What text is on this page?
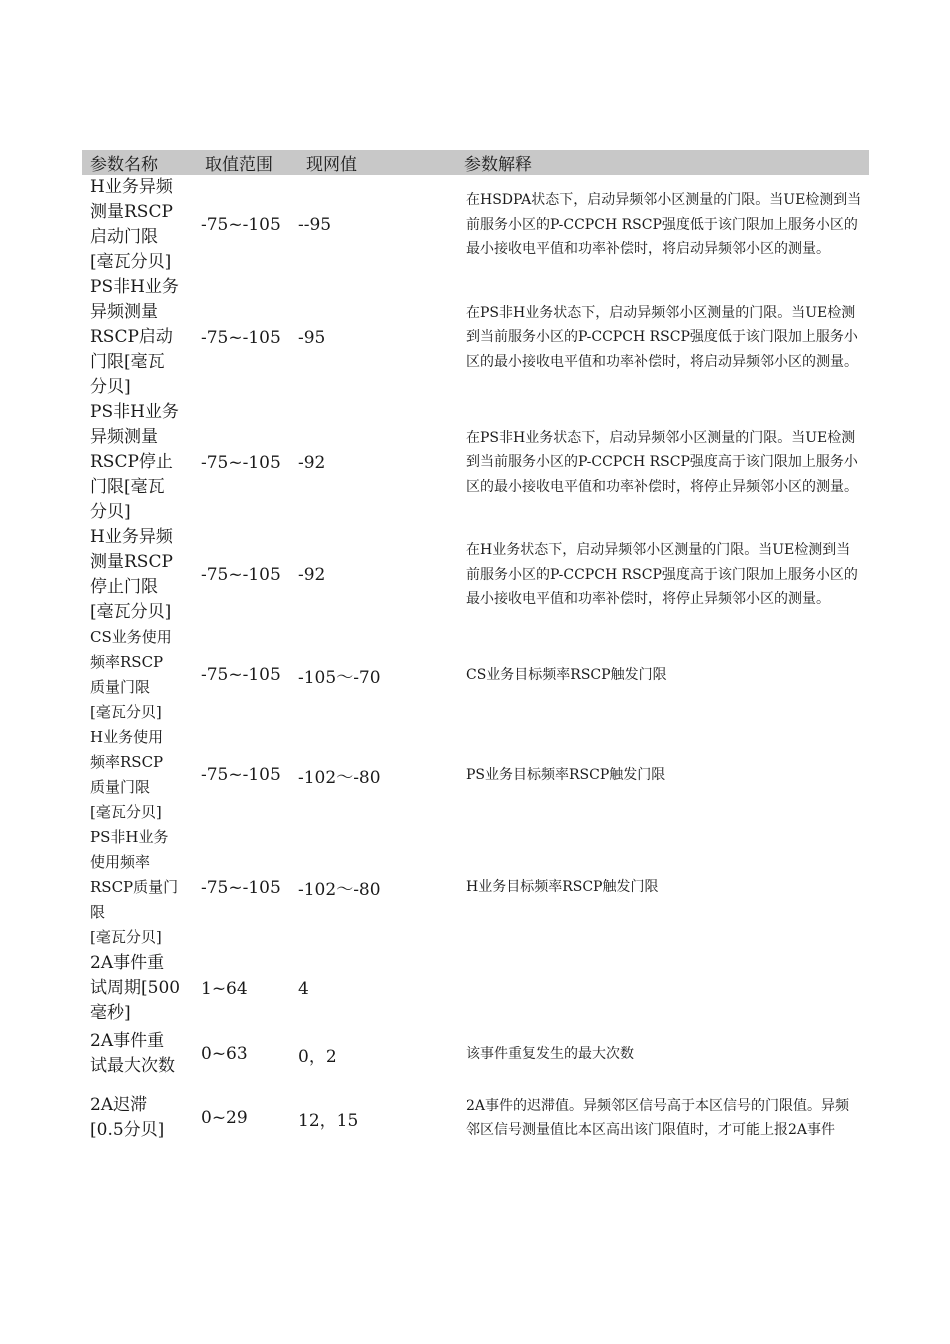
参数名称	取值范围	现网值	参数解释
H业务异频
测量RSCP
启动门限
[毫瓦分贝]	-75~-105	--95	在HSDPA状态下，启动异频邻小区测量的门限。当UE检测到当前服务小区的P-CCPCH RSCP强度低于该门限加上服务小区的最小接收电平值和功率补偿时，将启动异频邻小区的测量。
PS非H业务
异频测量
RSCP启动
门限[毫瓦
分贝]	-75~-105	-95	在PS非H业务状态下，启动异频邻小区测量的门限。当UE检测到当前服务小区的P-CCPCH RSCP强度低于该门限加上服务小区的最小接收电平值和功率补偿时，将启动异频邻小区的测量。
PS非H业务
异频测量
RSCP停止
门限[毫瓦
分贝]	-75~-105	-92	在PS非H业务状态下，启动异频邻小区测量的门限。当UE检测到当前服务小区的P-CCPCH RSCP强度高于该门限加上服务小区的最小接收电平值和功率补偿时，将停止异频邻小区的测量。
H业务异频
测量RSCP
停止门限
[毫瓦分贝]	-75~-105	-92	在H业务状态下，启动异频邻小区测量的门限。当UE检测到当前服务小区的P-CCPCH RSCP强度高于该门限加上服务小区的最小接收电平值和功率补偿时，将停止异频邻小区的测量。
CS业务使用
频率RSCP
质量门限
[毫瓦分贝]	-75~-105	-105～-70	CS业务目标频率RSCP触发门限
H业务使用
频率RSCP
质量门限
[毫瓦分贝]	-75~-105	-102～-80	PS业务目标频率RSCP触发门限
PS非H业务
使用频率
RSCP质量门
限
[毫瓦分贝]	-75~-105	-102～-80	H业务目标频率RSCP触发门限
2A事件重
试周期[500
毫秒]	1~64	4	
2A事件重
试最大次数	0~63	0，2	该事件重复发生的最大次数
2A迟滞
[0.5分贝]	0~29	12，15	2A事件的迟滞值。异频邻区信号高于本区信号的门限值。异频邻区信号测量值比本区高出该门限值时，才可能上报2A事件
